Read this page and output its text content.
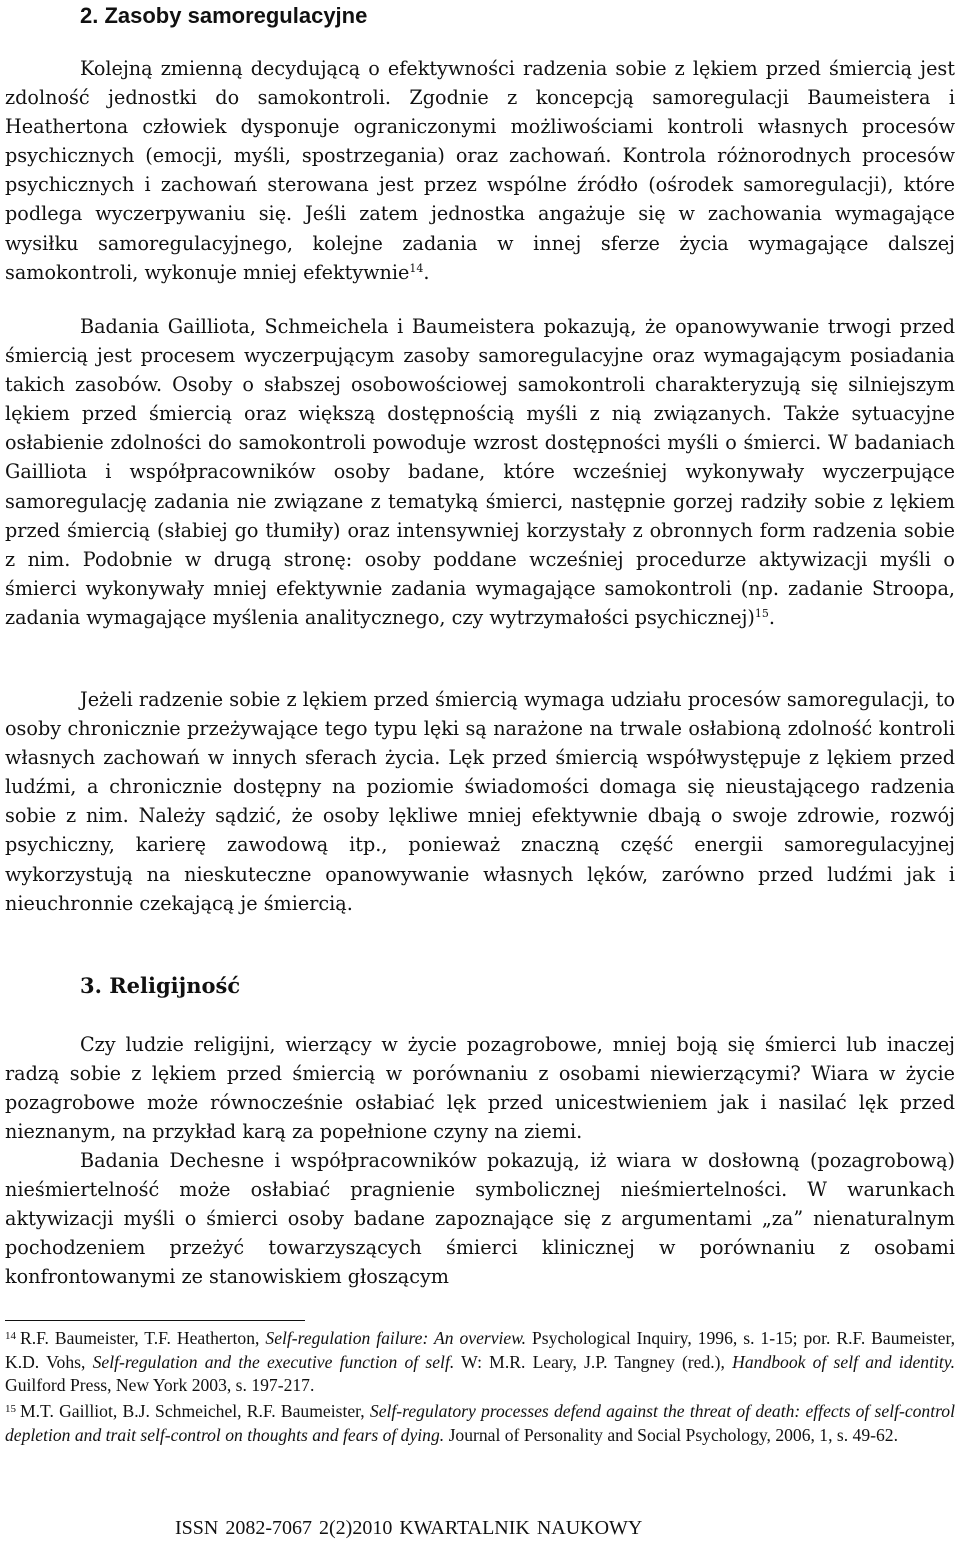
2. Zasoby samoregulacyjne

Kolejną zmienną decydującą o efektywności radzenia sobie z lękiem przed śmiercią jest zdolność jednostki do samokontroli. Zgodnie z koncepcją samoregulacji Baumeistera i Heathertona człowiek dysponuje ograniczonymi możliwościami kontroli własnych procesów psychicznych (emocji, myśli, spostrzegania) oraz zachowań. Kontrola różnorodnych procesów psychicznych i zachowań sterowana jest przez wspólne źródło (ośrodek samoregulacji), które podlega wyczerpywaniu się. Jeśli zatem jednostka angażuje się w zachowania wymagające wysiłku samoregulacyjnego, kolejne zadania w innej sferze życia wymagające dalszej samokontroli, wykonuje mniej efektywnie$^{14}$.

Badania Gailliota, Schmeichela i Baumeistera pokazują, że opanowywanie trwogi przed śmiercią jest procesem wyczerpującym zasoby samoregulacyjne oraz wymagającym posiadania takich zasobów. Osoby o słabszej osobowościowej samokontroli charakteryzują się silniejszym lękiem przed śmiercią oraz większą dostępnością myśli z nią związanych. Także sytuacyjne osłabienie zdolności do samokontroli powoduje wzrost dostępności myśli o śmierci. W badaniach Gailliota i współpracowników osoby badane, które wcześniej wykonywały wyczerpujące samoregulację zadania nie związane z tematyką śmierci, następnie gorzej radziły sobie z lękiem przed śmiercią (słabiej go tłumiły) oraz intensywniej korzystały z obronnych form radzenia sobie z nim. Podobnie w drugą stronę: osoby poddane wcześniej procedurze aktywizacji myśli o śmierci wykonywały mniej efektywnie zadania wymagające samokontroli (np. zadanie Stroopa, zadania wymagające myślenia analitycznego, czy wytrzymałości psychicznej)$^{15}$.

Jeżeli radzenie sobie z lękiem przed śmiercią wymaga udziału procesów samoregulacji, to osoby chronicznie przeżywające tego typu lęki są narażone na trwale osłabioną zdolność kontroli własnych zachowań w innych sferach życia. Lęk przed śmiercią współwystępuje z lękiem przed ludźmi, a chronicznie dostępny na poziomie świadomości domaga się nieustającego radzenia sobie z nim. Należy sądzić, że osoby lękliwe mniej efektywnie dbają o swoje zdrowie, rozwój psychiczny, karierę zawodową itp., ponieważ znaczną część energii samoregulacyjnej wykorzystują na nieskuteczne opanowywanie własnych lęków, zarówno przed ludźmi jak i nieuchronnie czekającą je śmiercią.

3. Religijność

Czy ludzie religijni, wierzący w życie pozagrobowe, mniej boją się śmierci lub inaczej radzą sobie z lękiem przed śmiercią w porównaniu z osobami niewierzącymi? Wiara w życie pozagrobowe może równocześnie osłabiać lęk przed unicestwieniem jak i nasilać lęk przed nieznanym, na przykład karą za popełnione czyny na ziemi.

Badania Dechesne i współpracowników pokazują, iż wiara w dosłowną (pozagrobową) nieśmiertelność może osłabiać pragnienie symbolicznej nieśmiertelności. W warunkach aktywizacji myśli o śmierci osoby badane zapoznające się z argumentami „za” nienaturalnym pochodzeniem przeżyć towarzyszących śmierci klinicznej w porównaniu z osobami konfrontowanymi ze stanowiskiem głoszącym

$^{14}$ R.F. Baumeister, T.F. Heatherton, Self-regulation failure: An overview. Psychological Inquiry, 1996, s. 1-15; por. R.F. Baumeister, K.D. Vohs, Self-regulation and the executive function of self. W: M.R. Leary, J.P. Tangney (red.), Handbook of self and identity. Guilford Press, New York 2003, s. 197-217.

$^{15}$ M.T. Gailliot, B.J. Schmeichel, R.F. Baumeister, Self-regulatory processes defend against the threat of death: effects of self-control depletion and trait self-control on thoughts and fears of dying. Journal of Personality and Social Psychology, 2006, 1, s. 49-62.

ISSN 2082-7067 2(2)2010 KWARTALNIK NAUKOWY
